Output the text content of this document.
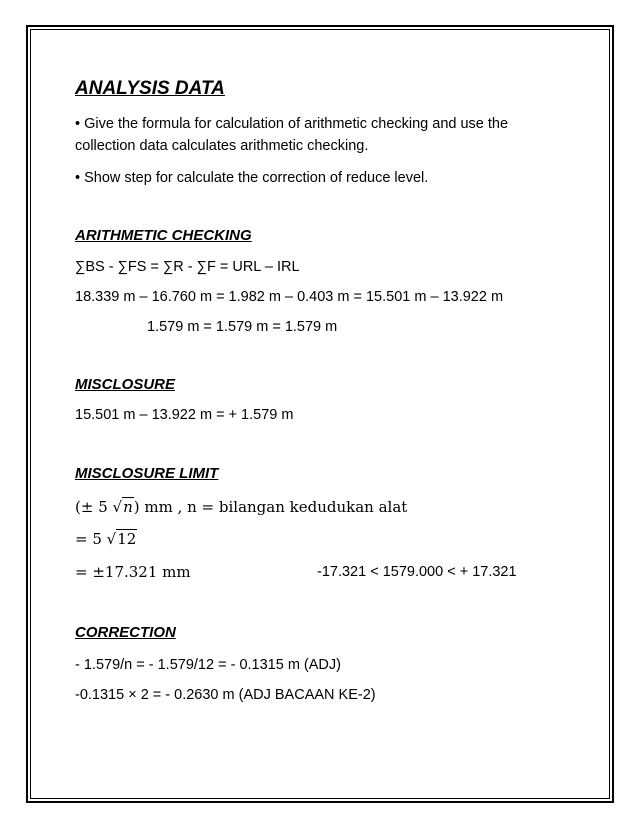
ANALYSIS DATA
• Give the formula for calculation of arithmetic checking and use the
collection data calculates arithmetic checking.
• Show step for calculate the correction of reduce level.
ARITHMETIC CHECKING
∑BS - ∑FS = ∑R - ∑F = URL – IRL
18.339 m – 16.760 m = 1.982 m – 0.403 m = 15.501 m – 13.922 m
1.579 m = 1.579 m = 1.579 m
MISCLOSURE
15.501 m – 13.922 m = + 1.579 m
MISCLOSURE LIMIT
(± 5 √n) mm , n = bilangan kedudukan alat
= 5 √12
= ±17.321 mm	-17.321 < 1579.000 < + 17.321
CORRECTION
- 1.579/n = - 1.579/12 = - 0.1315 m (ADJ)
-0.1315 × 2 = - 0.2630 m (ADJ BACAAN KE-2)
